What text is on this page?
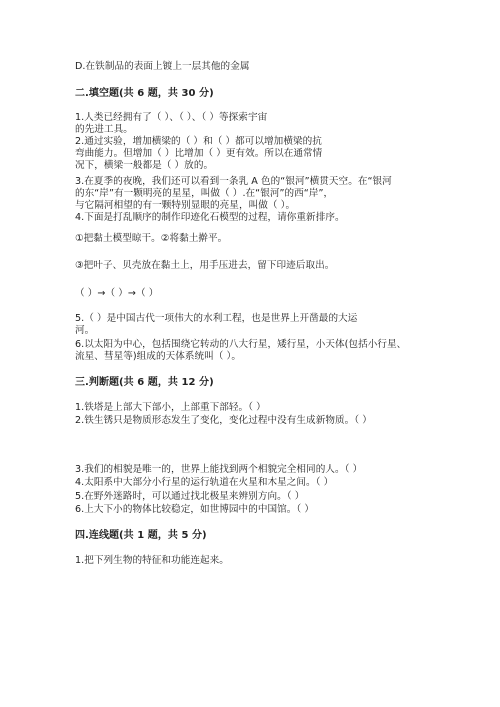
D.在铁制品的表面上镀上一层其他的金属

二.填空题(共 6 题，共 30 分)

1.人类已经拥有了（ ）、（ ）、（ ）等探索宇宙

的先进工具。

2.通过实验，增加横梁的（ ）和（ ）都可以增加横梁的抗

弯曲能力。但增加（ ）比增加（ ）更有效。所以在通常情

况下，横梁一般都是（ ）放的。

3.在夏季的夜晚，我们还可以看到一条乳 A 色的“银河”横贯天空。在“银河

的东“岸”有一颗明亮的星星，叫做（ ）.在“银河”的西“岸”，

与它隔河相望的有一颗特别显眼的亮星，叫做（ ）。

4.下面是打乱顺序的制作印迹化石模型的过程，请你重新排序。

①把黏土模型晾干。②将黏土擀平。

③把叶子、贝壳放在黏土上，用手压进去，留下印迹后取出。

（ ）→（ ）→（ ）

5.（ ）是中国古代一项伟大的水利工程，也是世界上开凿最的大运

河。

6.以太阳为中心，包括围绕它转动的八大行星，矮行星，小天体(包括小行星、

流星、彗星等)组成的天体系统叫（ ）。

三.判断题(共 6 题，共 12 分)

1.铁塔是上部大下部小，上部重下部轻。（ ）

2.铁生锈只是物质形态发生了变化，变化过程中没有生成新物质。（ ）

3.我们的相貌是唯一的，世界上能找到两个相貌完全相同的人。（ ）

4.太阳系中大部分小行星的运行轨道在火星和木星之间。（ ）

5.在野外迷路时，可以通过找北极星来辨别方向。（ ）

6.上大下小的物体比较稳定，如世博园中的中国馆。（ ）

四.连线题(共 1 题，共 5 分)

1.把下列生物的特征和功能连起来。
